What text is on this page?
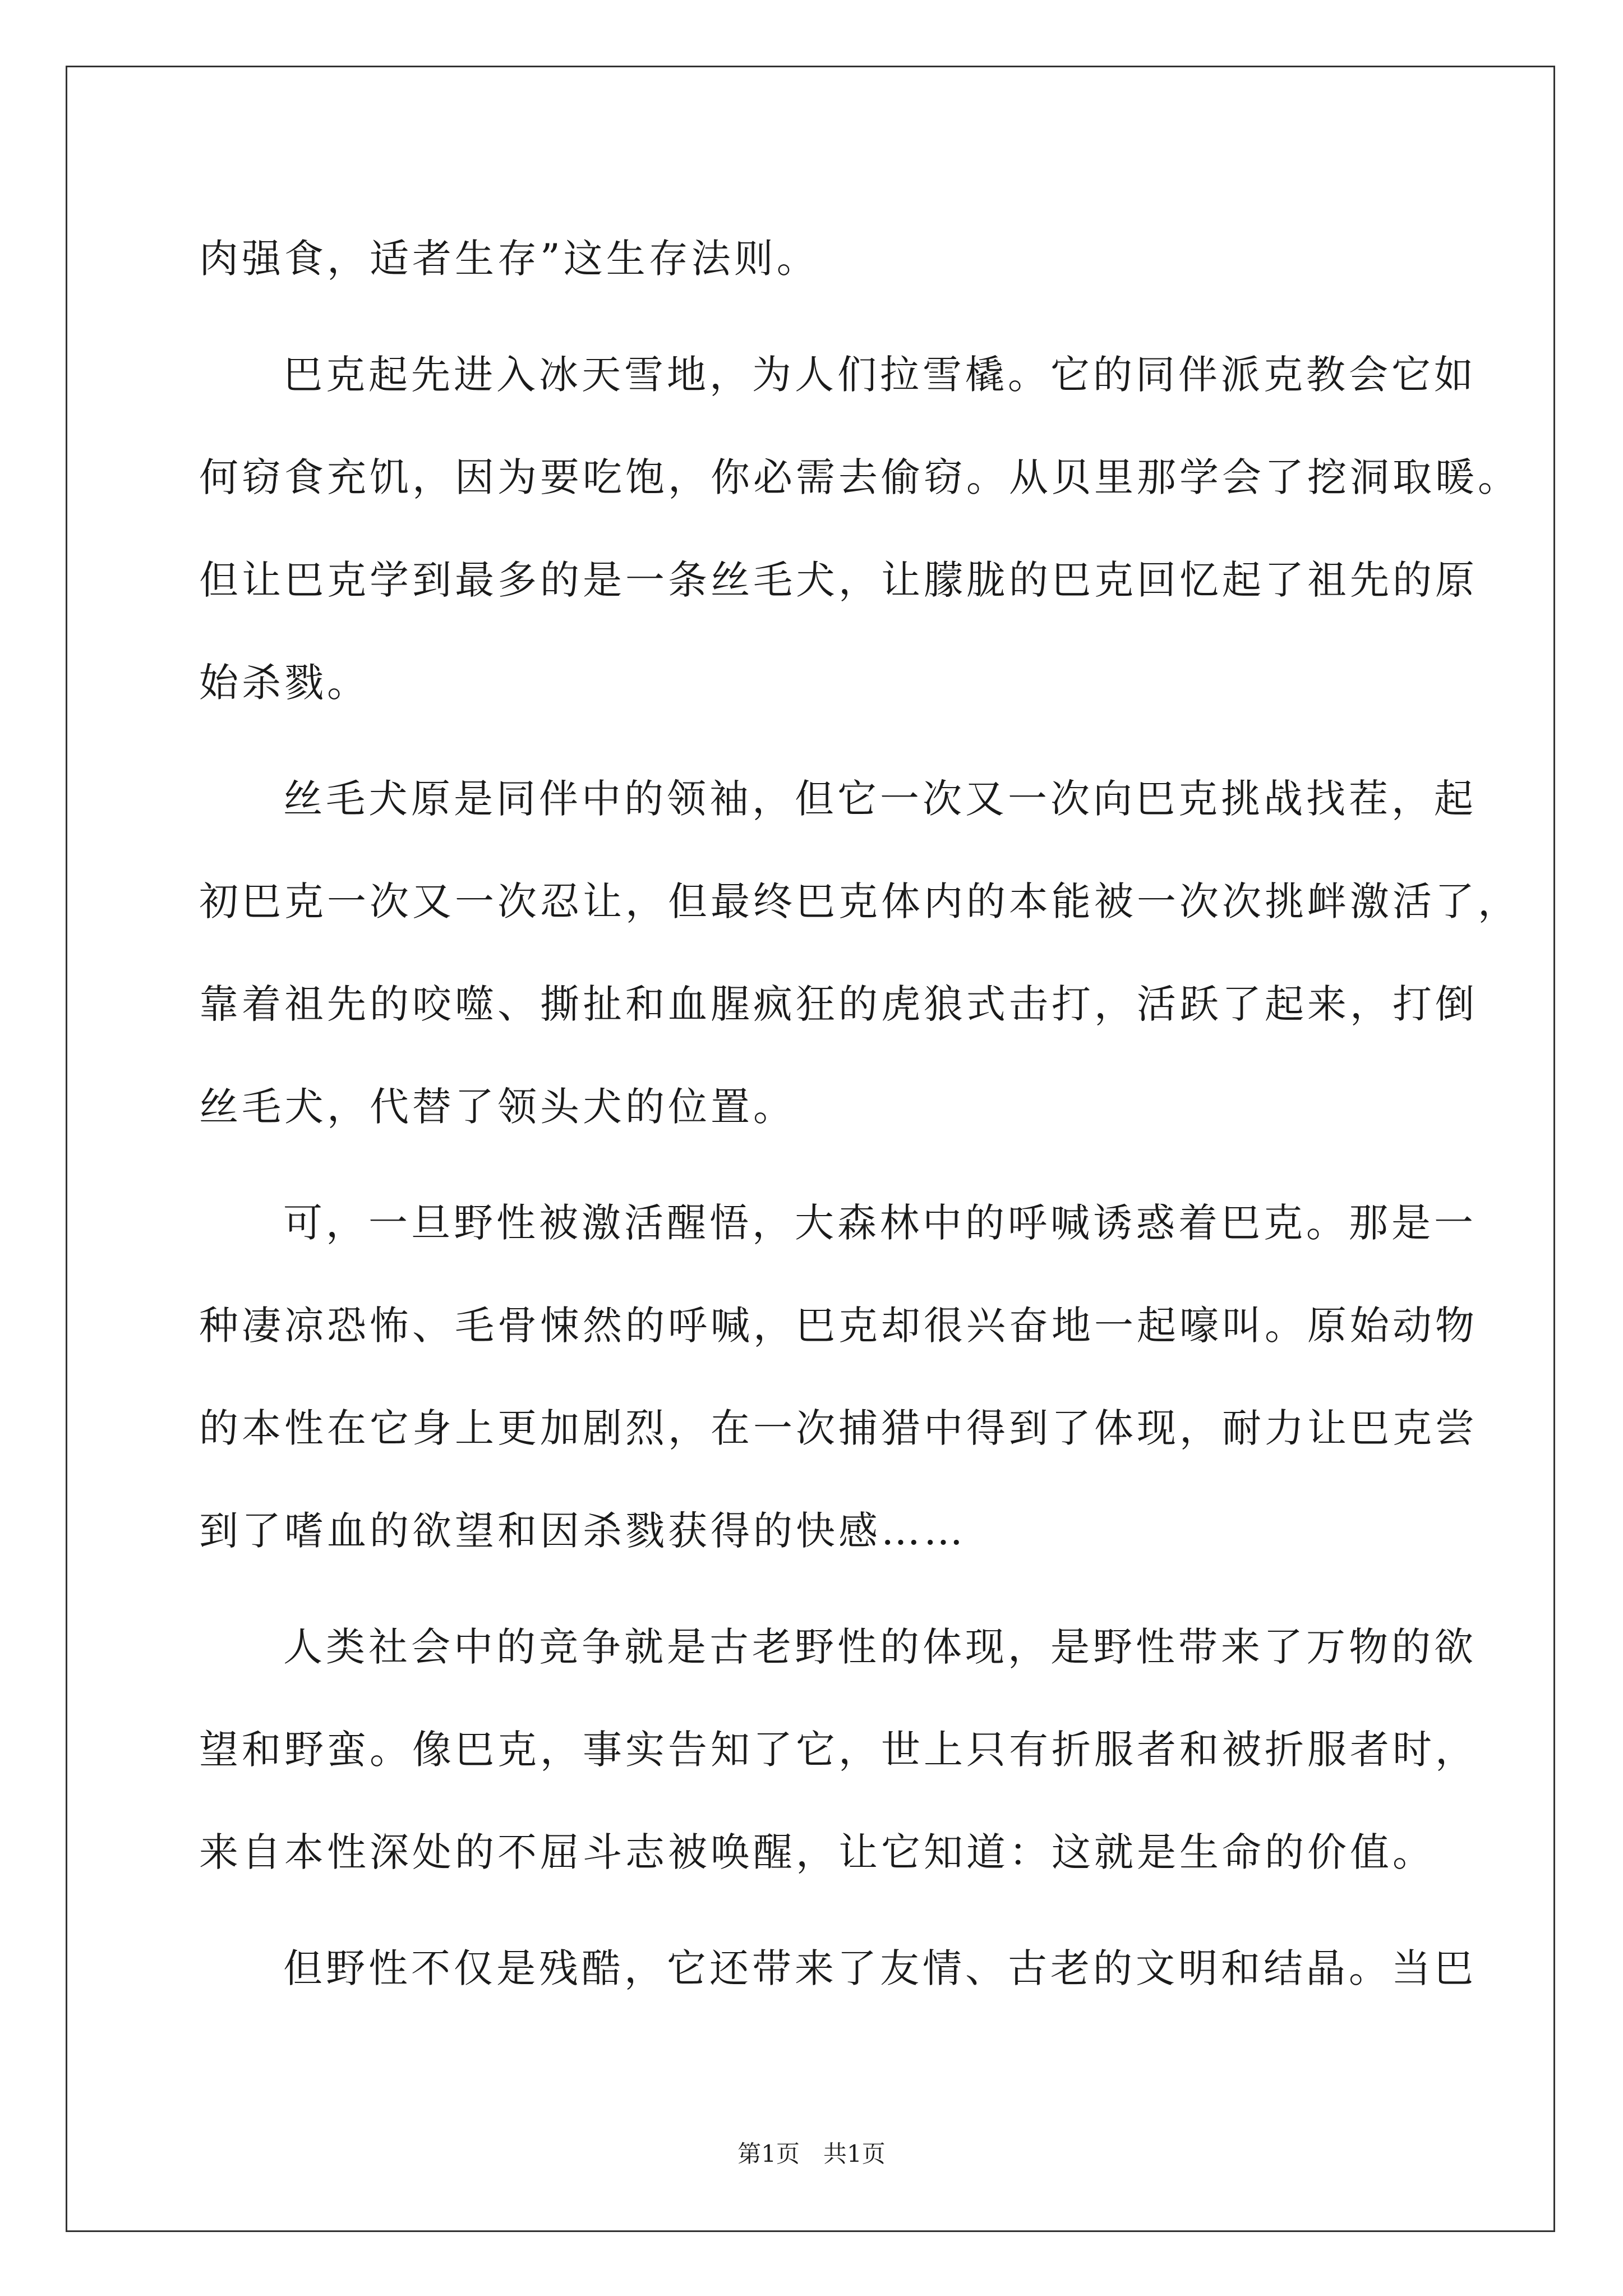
肉强食，适者生存”这生存法则。
巴克起先进入冰天雪地，为人们拉雪橇。它的同伴派克教会它如
何窃食充饥，因为要吃饱，你必需去偷窃。从贝里那学会了挖洞取暖。
但让巴克学到最多的是一条丝毛犬，让朦胧的巴克回忆起了祖先的原
始杀戮。
丝毛犬原是同伴中的领袖，但它一次又一次向巴克挑战找茬，起
初巴克一次又一次忍让，但最终巴克体内的本能被一次次挑衅激活了，
靠着祖先的咬噬、撕扯和血腥疯狂的虎狼式击打，活跃了起来，打倒
丝毛犬，代替了领头犬的位置。
可，一旦野性被激活醒悟，大森林中的呼喊诱惑着巴克。那是一
种凄凉恐怖、毛骨悚然的呼喊，巴克却很兴奋地一起嚎叫。原始动物
的本性在它身上更加剧烈，在一次捕猎中得到了体现，耐力让巴克尝
到了嗜血的欲望和因杀戮获得的快感……
人类社会中的竞争就是古老野性的体现，是野性带来了万物的欲
望和野蛮。像巴克，事实告知了它，世上只有折服者和被折服者时，
来自本性深处的不屈斗志被唤醒，让它知道：这就是生命的价值。
但野性不仅是残酷，它还带来了友情、古老的文明和结晶。当巴
第1页　共1页
